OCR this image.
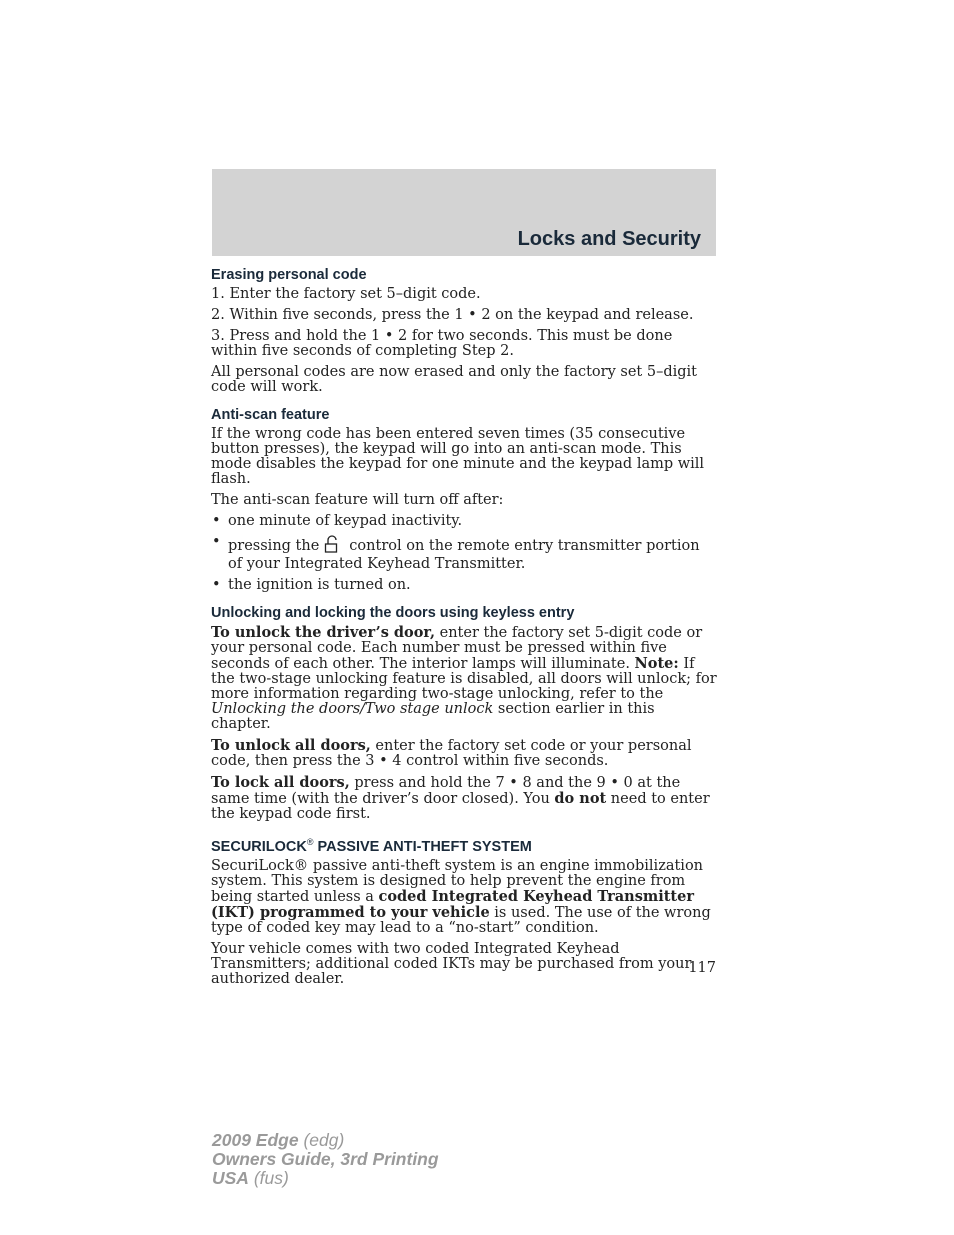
Locks and Security
Erasing personal code

1. Enter the factory set 5–digit code.

2. Within five seconds, press the 1 • 2 on the keypad and release.

3. Press and hold the 1 • 2 for two seconds. This must be done within five seconds of completing Step 2.

All personal codes are now erased and only the factory set 5–digit code will work.

Anti-scan feature

If the wrong code has been entered seven times (35 consecutive button presses), the keypad will go into an anti-scan mode. This mode disables the keypad for one minute and the keypad lamp will flash.

The anti-scan feature will turn off after:

• one minute of keypad inactivity.
• pressing the control on the remote entry transmitter portion of your Integrated Keyhead Transmitter.
• the ignition is turned on.
Unlocking and locking the doors using keyless entry

To unlock the driver’s door, enter the factory set 5-digit code or your personal code. Each number must be pressed within five seconds of each other. The interior lamps will illuminate. Note: If the two-stage unlocking feature is disabled, all doors will unlock; for more information regarding two-stage unlocking, refer to the Unlocking the doors/Two stage unlock section earlier in this chapter.

To unlock all doors, enter the factory set code or your personal code, then press the 3 • 4 control within five seconds.

To lock all doors, press and hold the 7 • 8 and the 9 • 0 at the same time (with the driver’s door closed). You do not need to enter the keypad code first.

SECURILOCK® PASSIVE ANTI-THEFT SYSTEM

SecuriLock® passive anti-theft system is an engine immobilization system. This system is designed to help prevent the engine from being started unless a coded Integrated Keyhead Transmitter (IKT) programmed to your vehicle is used. The use of the wrong type of coded key may lead to a “no-start” condition.

Your vehicle comes with two coded Integrated Keyhead Transmitters; additional coded IKTs may be purchased from your authorized dealer.

117
2009 Edge (edg)
Owners Guide, 3rd Printing
USA (fus)
